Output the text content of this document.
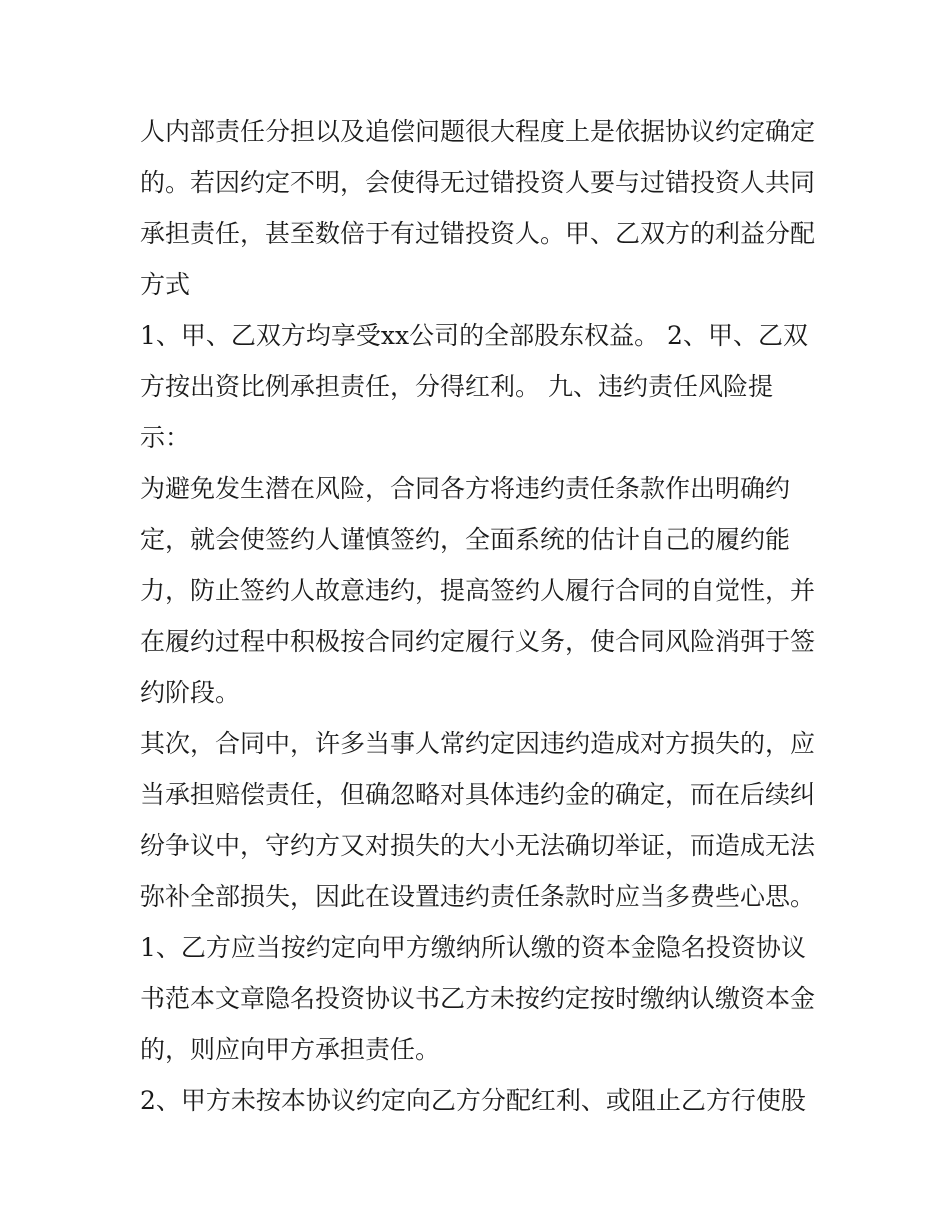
人内部责任分担以及追偿问题很大程度上是依据协议约定确定
的。若因约定不明，会使得无过错投资人要与过错投资人共同
承担责任，甚至数倍于有过错投资人。甲、乙双方的利益分配
方式
1、甲、乙双方均享受xx公司的全部股东权益。 2、甲、乙双
方按出资比例承担责任，分得红利。 九、违约责任风险提
示：
为避免发生潜在风险，合同各方将违约责任条款作出明确约
定，就会使签约人谨慎签约，全面系统的估计自己的履约能
力，防止签约人故意违约，提高签约人履行合同的自觉性，并
在履约过程中积极按合同约定履行义务，使合同风险消弭于签
约阶段。
其次，合同中，许多当事人常约定因违约造成对方损失的，应
当承担赔偿责任，但确忽略对具体违约金的确定，而在后续纠
纷争议中，守约方又对损失的大小无法确切举证，而造成无法
弥补全部损失，因此在设置违约责任条款时应当多费些心思。
1、乙方应当按约定向甲方缴纳所认缴的资本金隐名投资协议
书范本文章隐名投资协议书乙方未按约定按时缴纳认缴资本金
的，则应向甲方承担责任。
2、甲方未按本协议约定向乙方分配红利、或阻止乙方行使股
